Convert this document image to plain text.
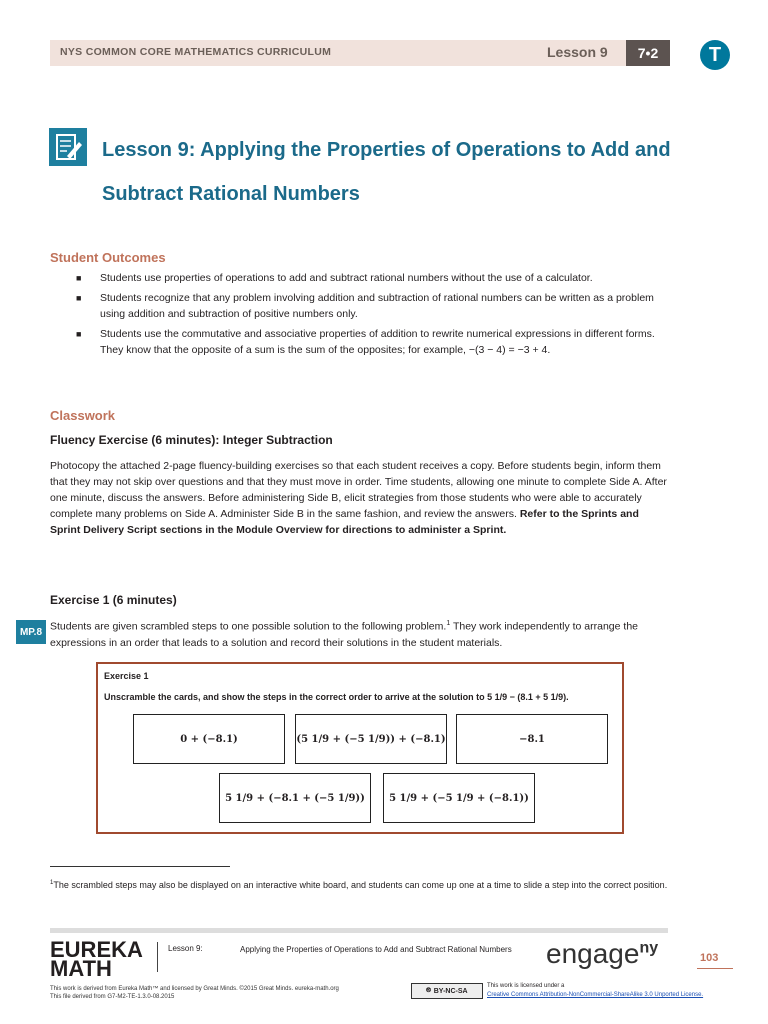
NYS COMMON CORE MATHEMATICS CURRICULUM	Lesson 9	7•2	T
Lesson 9: Applying the Properties of Operations to Add and Subtract Rational Numbers
Student Outcomes
■ Students use properties of operations to add and subtract rational numbers without the use of a calculator.
■ Students recognize that any problem involving addition and subtraction of rational numbers can be written as a problem using addition and subtraction of positive numbers only.
■ Students use the commutative and associative properties of addition to rewrite numerical expressions in different forms. They know that the opposite of a sum is the sum of the opposites; for example, −(3 − 4) = −3 + 4.
Classwork
Fluency Exercise (6 minutes): Integer Subtraction
Photocopy the attached 2-page fluency-building exercises so that each student receives a copy. Before students begin, inform them that they may not skip over questions and that they must move in order. Time students, allowing one minute to complete Side A. After one minute, discuss the answers. Before administering Side B, elicit strategies from those students who were able to accurately complete many problems on Side A. Administer Side B in the same fashion, and review the answers. Refer to the Sprints and Sprint Delivery Script sections in the Module Overview for directions to administer a Sprint.
Exercise 1 (6 minutes)
MP.8 Students are given scrambled steps to one possible solution to the following problem.$^1$ They work independently to arrange the expressions in an order that leads to a solution and record their solutions in the student materials.
Exercise 1
Unscramble the cards, and show the steps in the correct order to arrive at the solution to 5 1/9 − (8.1 + 5 1/9).
0 + (−8.1)	(5 1/9 + (−5 1/9)) + (−8.1)	−8.1
5 1/9 + (−8.1 + (−5 1/9))	5 1/9 + (−5 1/9 + (−8.1))
$^1$The scrambled steps may also be displayed on an interactive white board, and students can come up one at a time to slide a step into the correct position.
EUREKA
MATH
Lesson 9:	Applying the Properties of Operations to Add and Subtract Rational Numbers	engage$^{ny}$
103
This work is derived from Eureka Math™ and licensed by Great Minds. ©2015 Great Minds. eureka-math.org
This file derived from G7-M2-TE-1.3.0-08.2015
🅭 BY-NC-SA
This work is licensed under a
Creative Commons Attribution-NonCommercial-ShareAlike 3.0 Unported License.
